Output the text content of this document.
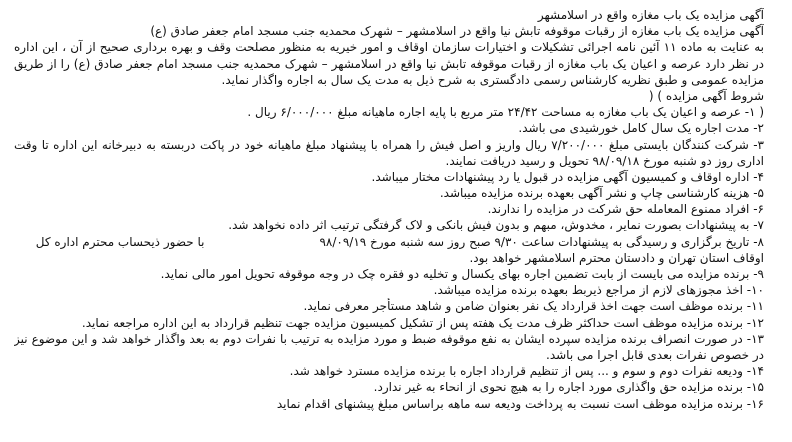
آگهی مزایده یک باب مغازه واقع در اسلامشهر
آگهی مزایده یک باب مغازه از رقبات موقوفه تابش نیا واقع در اسلامشهر – شهرک محمدیه جنب مسجد امام جعفر صادق (ع)
به عنایت به ماده ۱۱ آئین نامه اجرائی تشکیلات و اختیارات سازمان اوقاف و امور خیریه به منظور مصلحت وقف و بهره برداری صحیح از آن ، این اداره
در نظر دارد عرصه و اعیان یک باب مغازه از رقبات موقوفه تابش نیا واقع در اسلامشهر – شهرک محمدیه جنب مسجد امام جعفر صادق (ع) را از طریق
مزایده عمومی و طبق نظریه کارشناس رسمی دادگستری به شرح ذیل به مدت یک سال به اجاره واگذار نماید.
شروط آگهی مزایده ) (
( ۱- عرصه و اعیان یک باب مغازه به مساحت ۲۴/۴۲ متر مربع با پایه اجاره ماهیانه مبلغ ۶/۰۰۰/۰۰۰ ریال .
۲- مدت اجاره یک سال کامل خورشیدی می باشد.
۳- شرکت کنندگان بایستی مبلغ ۷/۲۰۰/۰۰۰ ریال واریز و اصل فیش را همراه با پیشنهاد مبلغ ماهیانه خود در پاکت دربسته به دبیرخانه این اداره تا وقت
اداری روز دو شنبه مورخ ۹۸/۰۹/۱۸ تحویل و رسید دریافت نمایند.
۴- اداره اوقاف و کمیسیون آگهی مزایده در قبول یا رد پیشنهادات مختار میباشد.
۵- هزینه کارشناسی چاپ و نشر آگهی بعهده برنده مزایده میباشد.
۶- افراد ممنوع المعامله حق شرکت در مزایده را ندارند.
۷- به پیشنهادات بصورت نمایر ، مخدوش، مبهم و بدون فیش بانکی و لاک گرفتگی ترتیب اثر داده نخواهد شد.
۸- تاریخ برگزاری و رسیدگی به پیشنهادات ساعت ۹/۳۰ صبح روز سه شنبه مورخ ۹۸/۰۹/۱۹با حضور ذیحساب محترم اداره کل
اوقاف استان تهران و دادستان محترم اسلامشهر خواهد بود.
۹- برنده مزایده می بایست از بابت تضمین اجاره بهای یکسال و تخلیه دو فقره چک در وجه موقوفه تحویل امور مالی نماید.
۱۰- اخذ مجوزهای لازم از مراجع ذیربط بعهده برنده مزایده میباشد.
۱۱- برنده موظف است جهت اخذ قرارداد یک نفر بعنوان ضامن و شاهد مستأجر معرفی نماید.
۱۲- برنده مزایده موظف است حداکثر ظرف مدت یک هفته پس از تشکیل کمیسیون مزایده جهت تنظیم قرارداد به این اداره مراجعه نماید.
۱۳- در صورت انصراف برنده مزایده سپرده ایشان به نفع موقوفه ضبط و مورد مزایده به ترتیب با نفرات دوم به بعد واگذار خواهد شد و این موضوع نیز
در خصوص نفرات بعدی قابل اجرا می باشد.
۱۴- ودیعه نفرات دوم و سوم و ... پس از تنظیم قرارداد اجاره با برنده مزایده مسترد خواهد شد.
۱۵- برنده مزایده حق واگذاری مورد اجاره را به هیچ نحوی از انحاء به غیر ندارد.
۱۶- برنده مزایده موظف است نسبت به پرداخت ودیعه سه ماهه براساس مبلغ پیشنهای اقدام نماید
